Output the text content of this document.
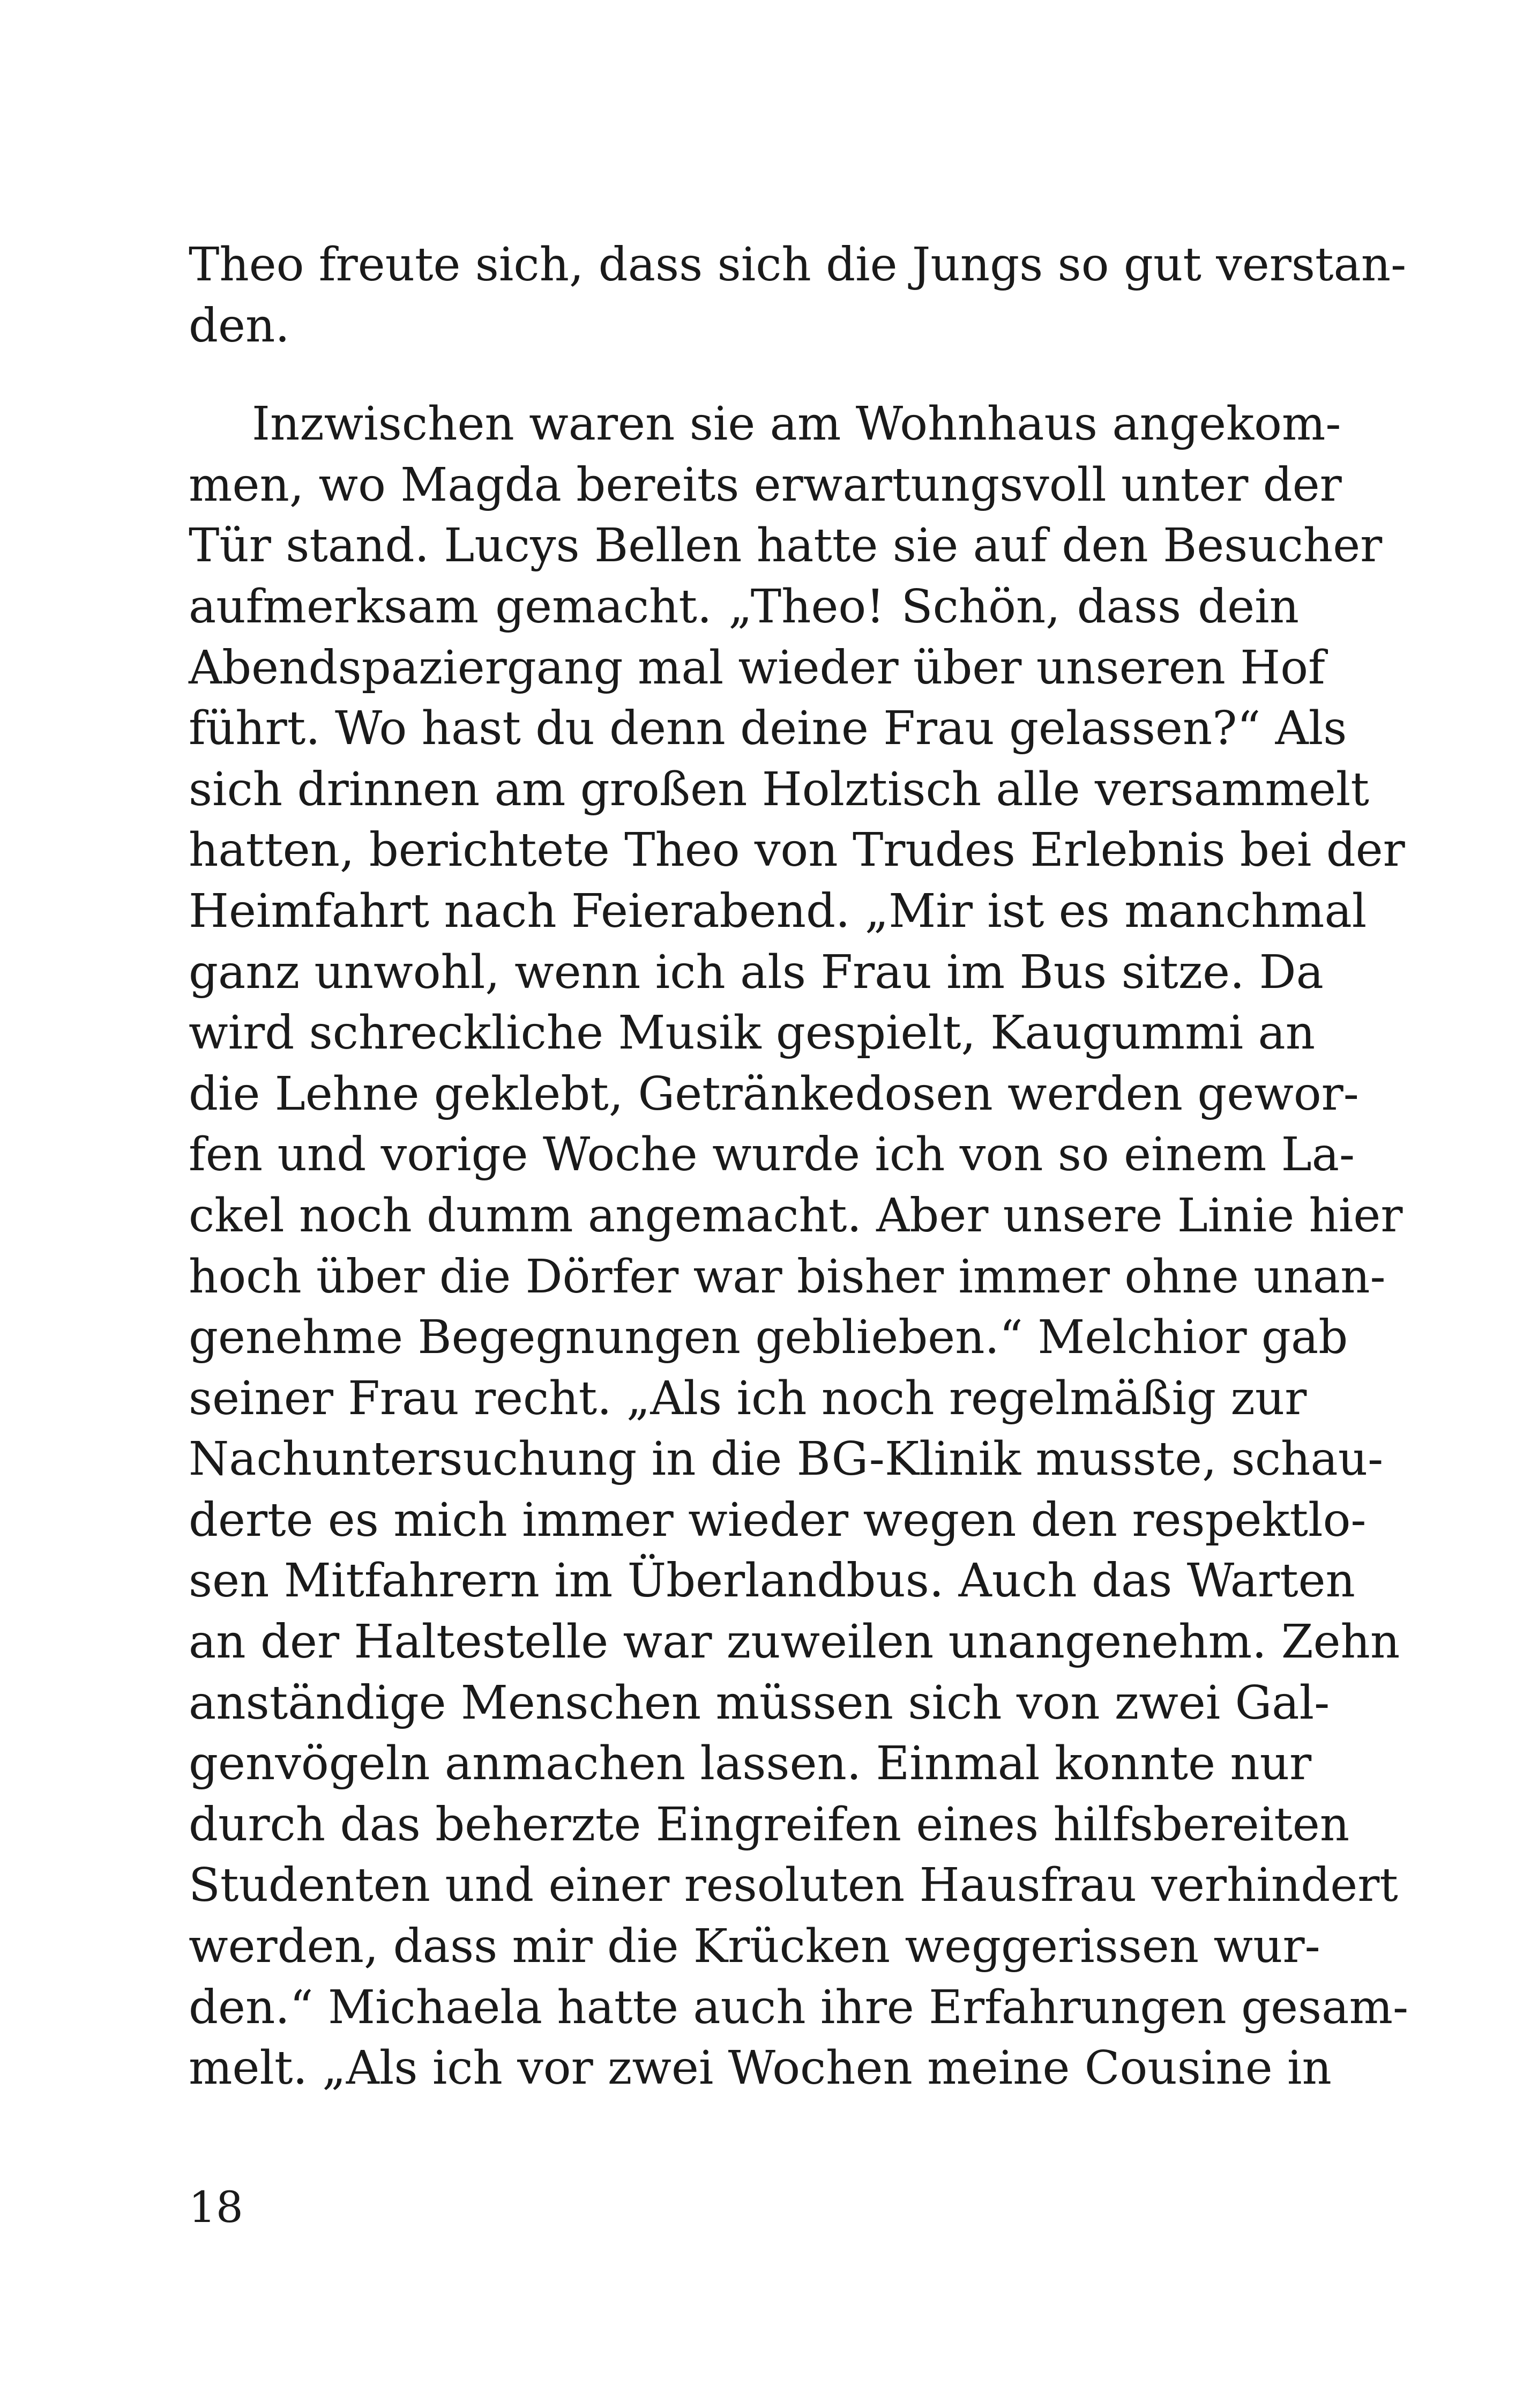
Theo freute sich, dass sich die Jungs so gut verstan-
den.
Inzwischen waren sie am Wohnhaus angekom-
men, wo Magda bereits erwartungsvoll unter der
Tür stand. Lucys Bellen hatte sie auf den Besucher
aufmerksam gemacht. „Theo! Schön, dass dein
Abendspaziergang mal wieder über unseren Hof
führt. Wo hast du denn deine Frau gelassen?“ Als
sich drinnen am großen Holztisch alle versammelt
hatten, berichtete Theo von Trudes Erlebnis bei der
Heimfahrt nach Feierabend. „Mir ist es manchmal
ganz unwohl, wenn ich als Frau im Bus sitze. Da
wird schreckliche Musik gespielt, Kaugummi an
die Lehne geklebt, Getränkedosen werden gewor-
fen und vorige Woche wurde ich von so einem La-
ckel noch dumm angemacht. Aber unsere Linie hier
hoch über die Dörfer war bisher immer ohne unan-
genehme Begegnungen geblieben.“ Melchior gab
seiner Frau recht. „Als ich noch regelmäßig zur
Nachuntersuchung in die BG-Klinik musste, schau-
derte es mich immer wieder wegen den respektlo-
sen Mitfahrern im Überlandbus. Auch das Warten
an der Haltestelle war zuweilen unangenehm. Zehn
anständige Menschen müssen sich von zwei Gal-
genvögeln anmachen lassen. Einmal konnte nur
durch das beherzte Eingreifen eines hilfsbereiten
Studenten und einer resoluten Hausfrau verhindert
werden, dass mir die Krücken weggerissen wur-
den.“ Michaela hatte auch ihre Erfahrungen gesam-
melt. „Als ich vor zwei Wochen meine Cousine in
18
